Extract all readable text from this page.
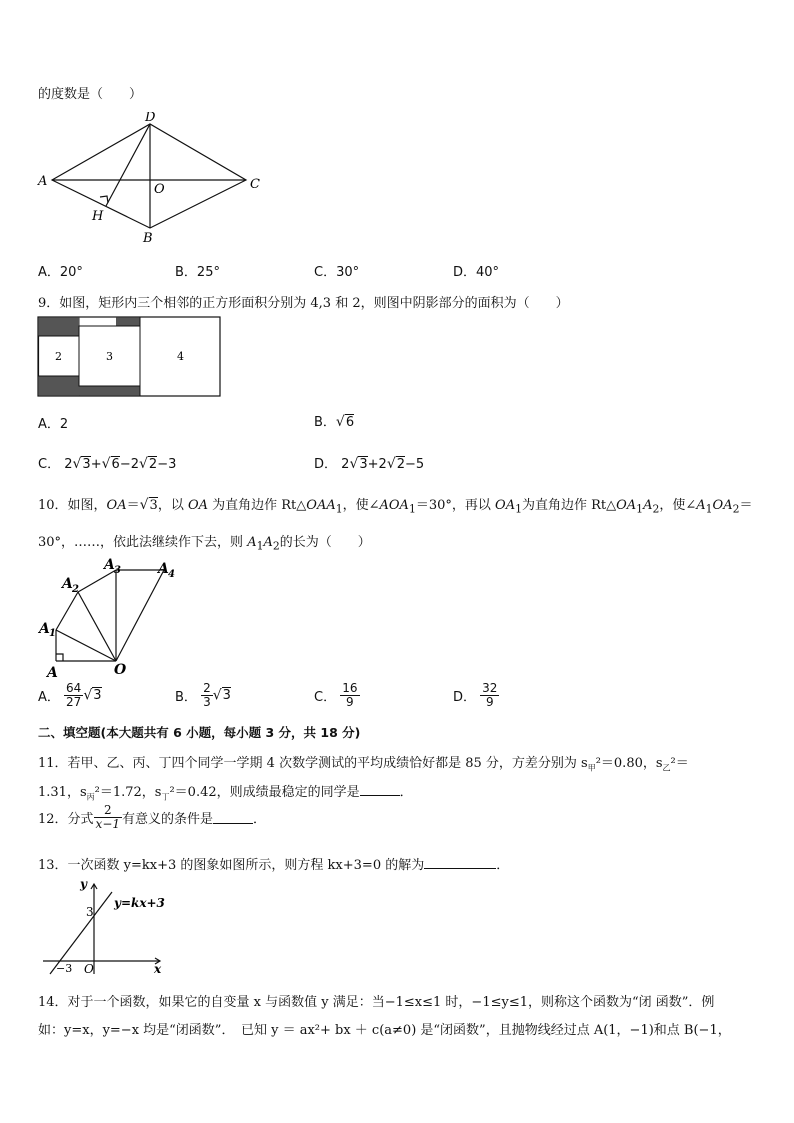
的度数是（　　）
A
D
C
B
O
H
A．20°	B．25°	C．30°	D．40°
9．如图，矩形内三个相邻的正方形面积分别为 4,3 和 2，则图中阴影部分的面积为（　　）
2	3	4
A．2	B．√6
C． 2√3+√6−2√2−3	D． 2√3+2√2−5
10．如图，OA＝√3，以 OA 为直角边作 $Rt\triangle OAA_1$，使$\angle AOA_1=30^\circ$，再以 $OA_1$为直角边作 $Rt\triangle OA_1A_2$，使$\angle A_1OA_2=$
30°，……，依此法继续作下去，则 $A_1A_2$的长为（　　）
A
A 1
A 2
A 3	A 4
O
A． $\frac{64}{27} √3$	B． $\frac{2}{3} √3$	C． $\frac{16}{9}$	D． $\frac{32}{9}$
二、填空题(本大题共有 6 小题，每小题 3 分，共 18 分)
11．若甲、乙、丙、丁四个同学一学期 4 次数学测试的平均成绩恰好都是 85 分，方差分别为 $s_甲^2=0.80$，$s_乙^2=$
1.31，$s_丙^2=1.72$，$s_丁^2=0.42$，则成绩最稳定的同学是	．
12．分式 $\frac{2}{x-1}$ 有意义的条件是	．
13．一次函数 y=kx+3 的图象如图所示，则方程 kx+3=0 的解为	．
y
x
3
−3 O
y=kx+3
14．对于一个函数，如果它的自变量 x 与函数值 y 满足：当−1≤x≤1 时，−1≤y≤1，则称这个函数为“闭 函数”．例
如：y=x，y=−x 均是“闭函数”．　已知 y ＝ ax²+ bx ＋ c(a≠0) 是“闭函数”，且抛物线经过点 A(1，−1)和点 B(−1，
